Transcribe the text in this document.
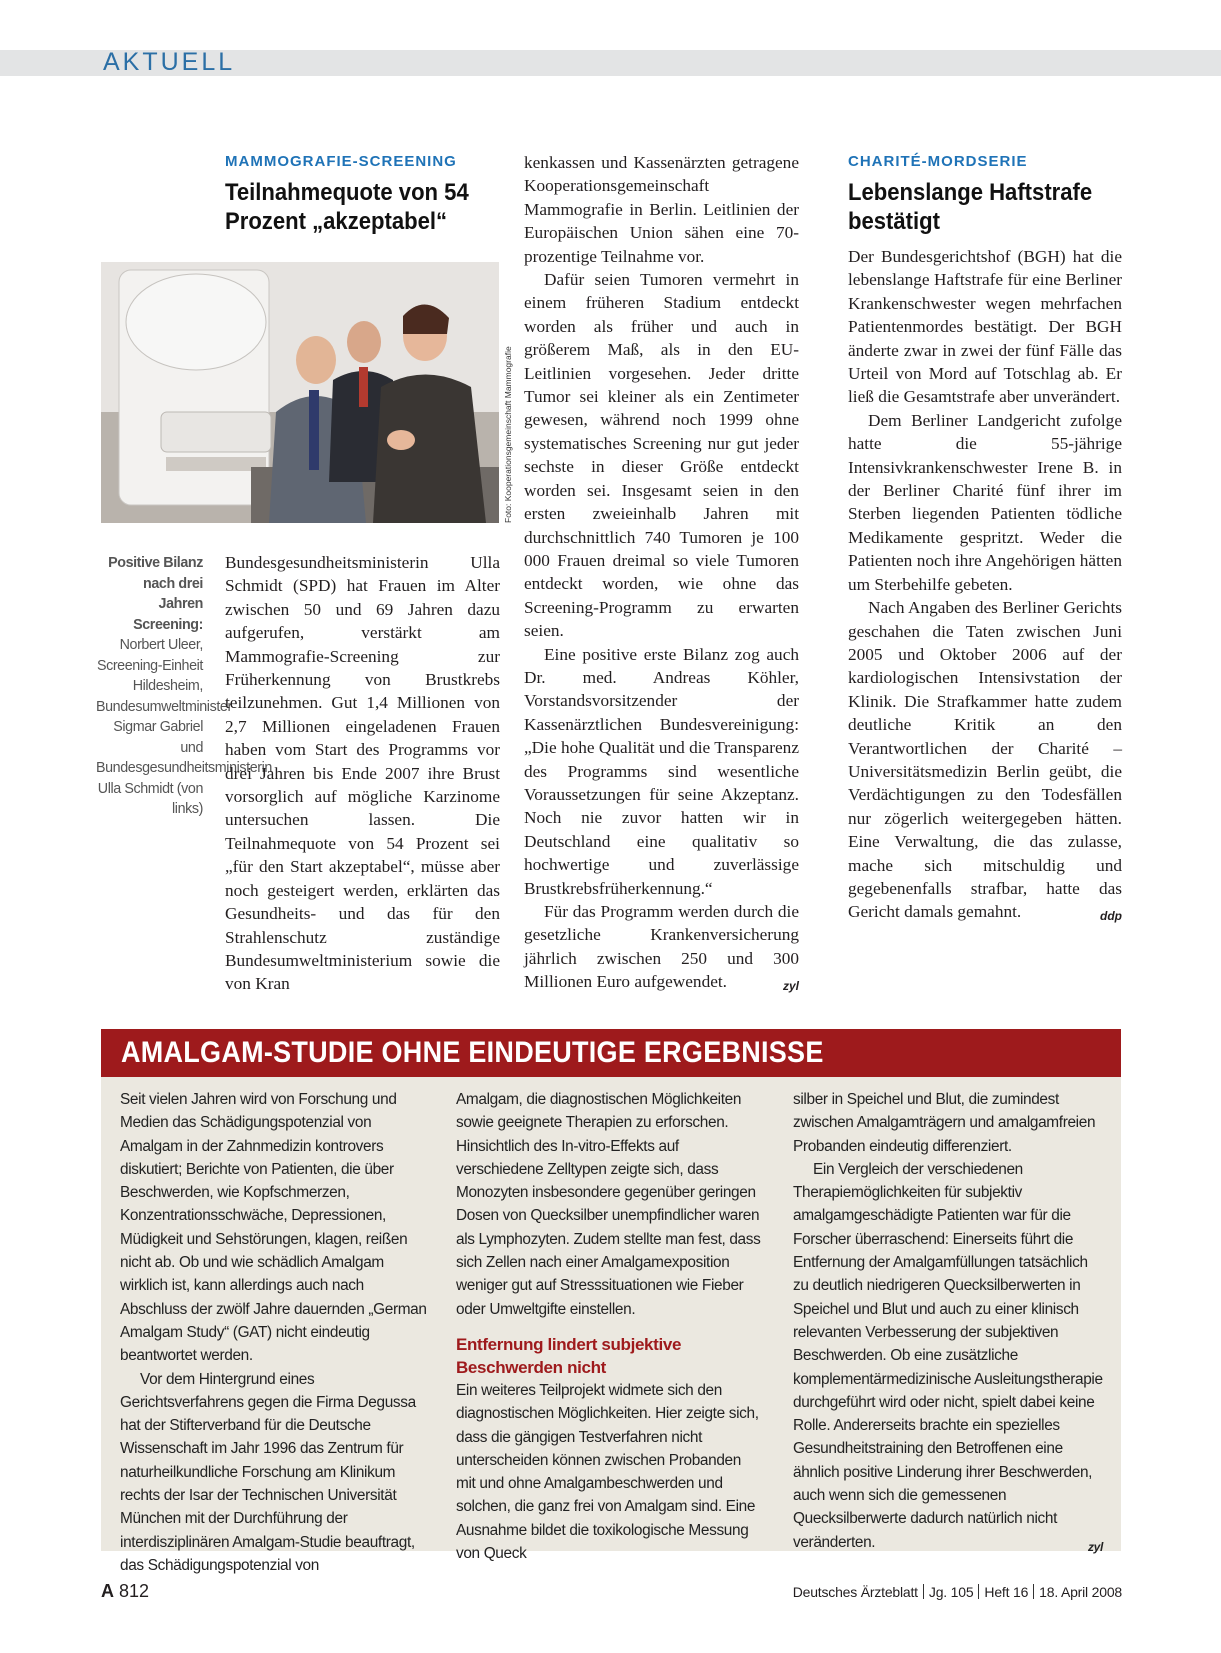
AKTUELL
MAMMOGRAFIE-SCREENING
Teilnahmequote von 54
Prozent „akzeptabel“
Foto: Kooperationsgemeinschaft Mammografie
Positive Bilanz nach drei Jahren Screening: Norbert Uleer, Screening-Einheit Hildesheim, Bundesumweltminister Sigmar Gabriel und Bundesgesundheitsministerin Ulla Schmidt (von links)

Bundesgesundheitsministerin Ulla Schmidt (SPD) hat Frauen im Alter zwischen 50 und 69 Jahren dazu aufgerufen, verstärkt am Mammografie-Screening zur Früherkennung von Brustkrebs teilzunehmen. Gut 1,4 Millionen von 2,7 Millionen eingeladenen Frauen haben vom Start des Programms vor drei Jahren bis Ende 2007 ihre Brust vorsorglich auf mögliche Karzinome untersuchen lassen. Die Teilnahmequote von 54 Prozent sei „für den Start akzeptabel“, müsse aber noch gesteigert werden, erklärten das Gesundheits- und das für den Strahlenschutz zuständige Bundesumweltministerium sowie die von Kran

kenkassen und Kassenärzten getragene Kooperationsgemeinschaft Mammografie in Berlin. Leitlinien der Europäischen Union sähen eine 70-prozentige Teilnahme vor.

Dafür seien Tumoren vermehrt in einem früheren Stadium entdeckt worden als früher und auch in größerem Maß, als in den EU-Leitlinien vorgesehen. Jeder dritte Tumor sei kleiner als ein Zentimeter gewesen, während noch 1999 ohne systematisches Screening nur gut jeder sechste in dieser Größe entdeckt worden sei. Insgesamt seien in den ersten zweieinhalb Jahren mit durchschnittlich 740 Tumoren je 100 000 Frauen dreimal so viele Tumoren entdeckt worden, wie ohne das Screening-Programm zu erwarten seien.

Eine positive erste Bilanz zog auch Dr. med. Andreas Köhler, Vorstandsvorsitzender der Kassenärztlichen Bundesvereinigung: „Die hohe Qualität und die Transparenz des Programms sind wesentliche Voraussetzungen für seine Akzeptanz. Noch nie zuvor hatten wir in Deutschland eine qualitativ so hochwertige und zuverlässige Brustkrebsfrüherkennung.“

Für das Programm werden durch die gesetzliche Krankenversicherung jährlich zwischen 250 und 300 Millionen Euro aufgewendet.	zyl

CHARITÉ-MORDSERIE
Lebenslange Haftstrafe
bestätigt

Der Bundesgerichtshof (BGH) hat die lebenslange Haftstrafe für eine Berliner Krankenschwester wegen mehrfachen Patientenmordes bestätigt. Der BGH änderte zwar in zwei der fünf Fälle das Urteil von Mord auf Totschlag ab. Er ließ die Gesamtstrafe aber unverändert.

Dem Berliner Landgericht zufolge hatte die 55-jährige Intensivkrankenschwester Irene B. in der Berliner Charité fünf ihrer im Sterben liegenden Patienten tödliche Medikamente gespritzt. Weder die Patienten noch ihre Angehörigen hätten um Sterbehilfe gebeten.

Nach Angaben des Berliner Gerichts geschahen die Taten zwischen Juni 2005 und Oktober 2006 auf der kardiologischen Intensivstation der Klinik. Die Strafkammer hatte zudem deutliche Kritik an den Verantwortlichen der Charité – Universitätsmedizin Berlin geübt, die Verdächtigungen zu den Todesfällen nur zögerlich weitergegeben hätten. Eine Verwaltung, die das zulasse, mache sich mitschuldig und gegebenenfalls strafbar, hatte das Gericht damals gemahnt.	ddp

AMALGAM-STUDIE OHNE EINDEUTIGE ERGEBNISSE

Seit vielen Jahren wird von Forschung und Medien das Schädigungspotenzial von Amalgam in der Zahnmedizin kontrovers diskutiert; Berichte von Patienten, die über Beschwerden, wie Kopfschmerzen, Konzentrationsschwäche, Depressionen, Müdigkeit und Sehstörungen, klagen, reißen nicht ab. Ob und wie schädlich Amalgam wirklich ist, kann allerdings auch nach Abschluss der zwölf Jahre dauernden „German Amalgam Study“ (GAT) nicht eindeutig beantwortet werden.

Vor dem Hintergrund eines Gerichtsverfahrens gegen die Firma Degussa hat der Stifterverband für die Deutsche Wissenschaft im Jahr 1996 das Zentrum für naturheilkundliche Forschung am Klinikum rechts der Isar der Technischen Universität München mit der Durchführung der interdisziplinären Amalgam-Studie beauftragt, das Schädigungspotenzial von

Amalgam, die diagnostischen Möglichkeiten sowie geeignete Therapien zu erforschen. Hinsichtlich des In-vitro-Effekts auf verschiedene Zelltypen zeigte sich, dass Monozyten insbesondere gegenüber geringen Dosen von Quecksilber unempfindlicher waren als Lymphozyten. Zudem stellte man fest, dass sich Zellen nach einer Amalgamexposition weniger gut auf Stresssituationen wie Fieber oder Umweltgifte einstellen.

Entfernung lindert subjektive Beschwerden nicht

Ein weiteres Teilprojekt widmete sich den diagnostischen Möglichkeiten. Hier zeigte sich, dass die gängigen Testverfahren nicht unterscheiden können zwischen Probanden mit und ohne Amalgambeschwerden und solchen, die ganz frei von Amalgam sind. Eine Ausnahme bildet die toxikologische Messung von Queck

silber in Speichel und Blut, die zumindest zwischen Amalgamträgern und amalgamfreien Probanden eindeutig differenziert.

Ein Vergleich der verschiedenen Therapiemöglichkeiten für subjektiv amalgamgeschädigte Patienten war für die Forscher überraschend: Einerseits führt die Entfernung der Amalgamfüllungen tatsächlich zu deutlich niedrigeren Quecksilberwerten in Speichel und Blut und auch zu einer klinisch relevanten Verbesserung der subjektiven Beschwerden. Ob eine zusätzliche komplementärmedizinische Ausleitungstherapie durchgeführt wird oder nicht, spielt dabei keine Rolle. Andererseits brachte ein spezielles Gesundheitstraining den Betroffenen eine ähnlich positive Linderung ihrer Beschwerden, auch wenn sich die gemessenen Quecksilberwerte dadurch natürlich nicht veränderten.	zyl

A 812	Deutsches Ärzteblatt Jg. 105 Heft 16 18. April 2008
